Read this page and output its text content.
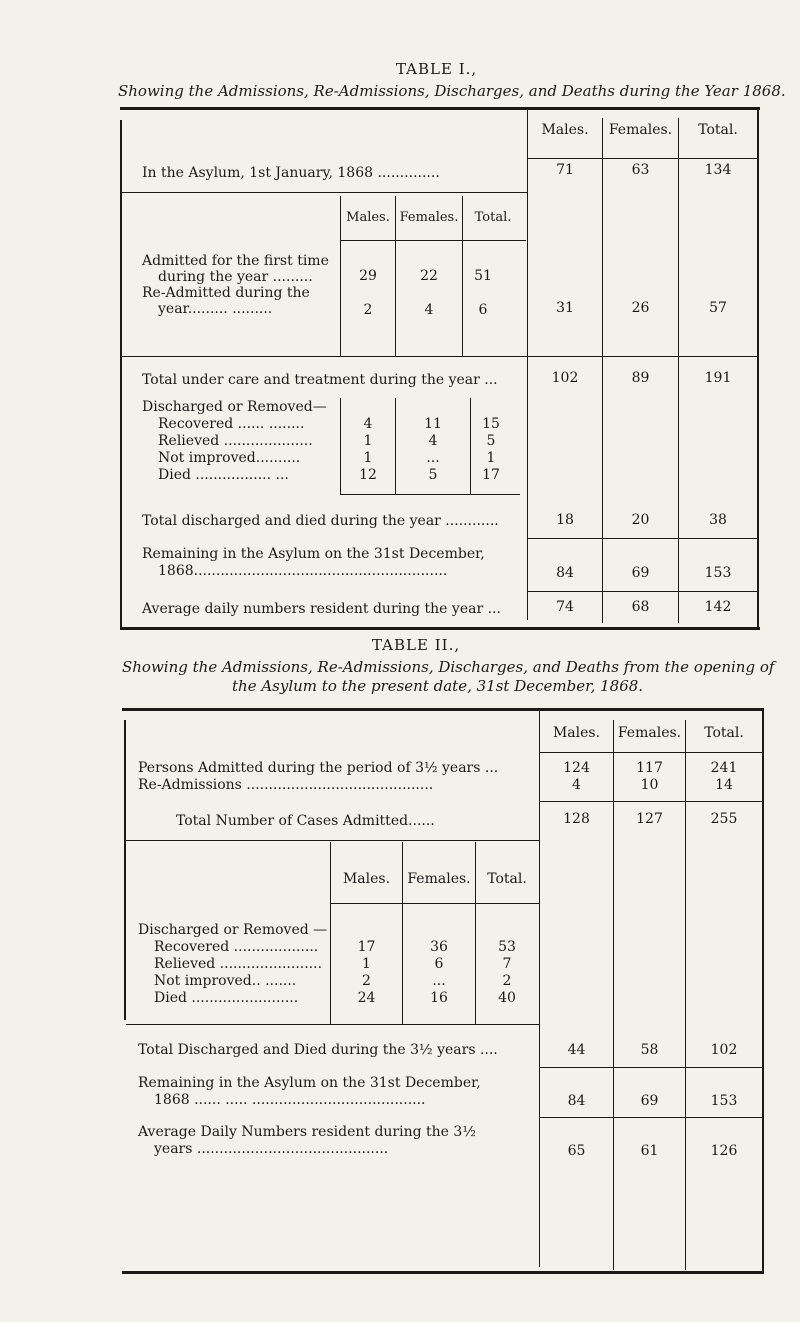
TABLE I.,
Showing the Admissions, Re-Admissions, Discharges, and Deaths during the Year 1868.
Males.	Females.	Total.
In the Asylum, 1st January, 1868 ..............	71	63	134
Males. Females.	Total.
Admitted for the first time
during the year .........	29	22	51
Re-Admitted during the
year......... .........	2	4	6	31	26	57
Total under care and treatment during the year ...	102	89	191
Discharged or Removed—
Recovered ...... ........	4	11	15
Relieved ....................	1	4	5
Not improved..........	1	...	1
Died ................. ...	12	5	17
Total discharged and died during the year ............	18	20	38
Remaining in the Asylum on the 31st December,
1868.........................................................	84	69	153
Average daily numbers resident during the year ...	74	68	142
TABLE II.,
Showing the Admissions, Re-Admissions, Discharges, and Deaths from the opening of
the Asylum to the present date, 31st December, 1868.
Males.	Females.	Total.
Persons Admitted during the period of 3½ years ...	124	117	241
Re-Admissions ..........................................	4	10	14
Total Number of Cases Admitted......	128	127	255
Males.	Females.	Total.
Discharged or Removed —
Recovered ...................	17	36	53
Relieved .......................	1	6	7
Not improved.. .......	2	...	2
Died ........................	24	16	40
Total Discharged and Died during the 3½ years ....	44	58	102
Remaining in the Asylum on the 31st December,
1868 ...... ..... .......................................	84	69	153
Average Daily Numbers resident during the 3½
years ...........................................	65	61	126
